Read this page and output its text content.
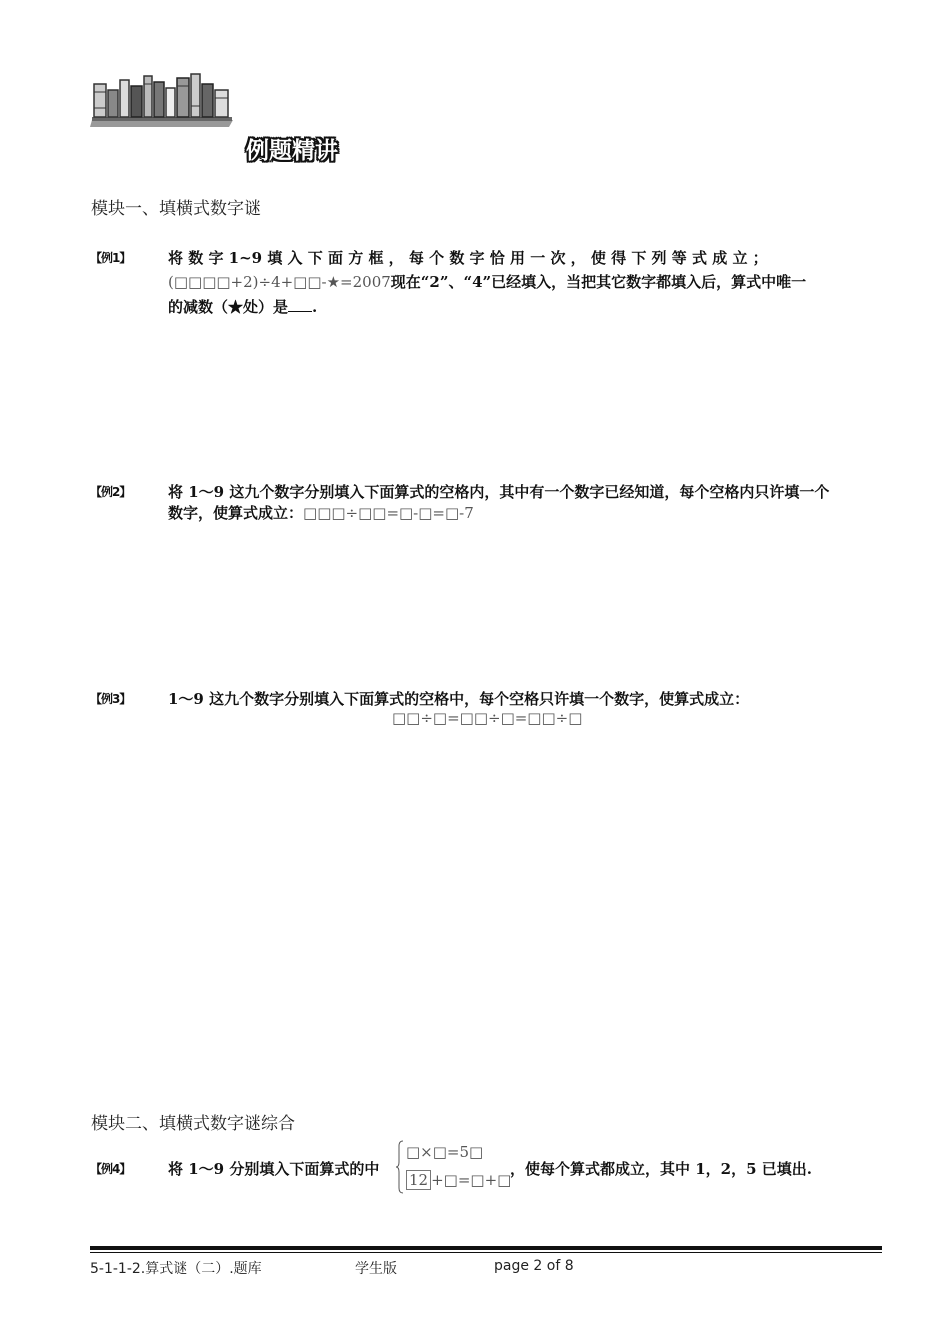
例题精讲
模块一、填横式数字谜
【例1】	将 数 字 1~9 填 入 下 面 方 框 ， 每 个 数 字 恰 用 一 次 ， 使 得 下 列 等 式 成 立 ；
(□□□□+2)÷4+□□-★=2007现在“2”、“4”已经填入，当把其它数字都填入后，算式中唯一
的减数（★处）是 .
【例2】	将 1～9 这九个数字分别填入下面算式的空格内，其中有一个数字已经知道，每个空格内只许填一个
数字，使算式成立：□□□÷□□=□-□=□-7
【例3】	1～9 这九个数字分别填入下面算式的空格中，每个空格只许填一个数字，使算式成立：
□□÷□=□□÷□=□□÷□
模块二、填横式数字谜综合
【例4】	将 1～9 分别填入下面算式的中
□×□=5□
12 +□=□+□
，使每个算式都成立，其中 1，2，5 已填出.
5-1-1-2.算式谜（二）.题库	学生版	page 2 of 8
